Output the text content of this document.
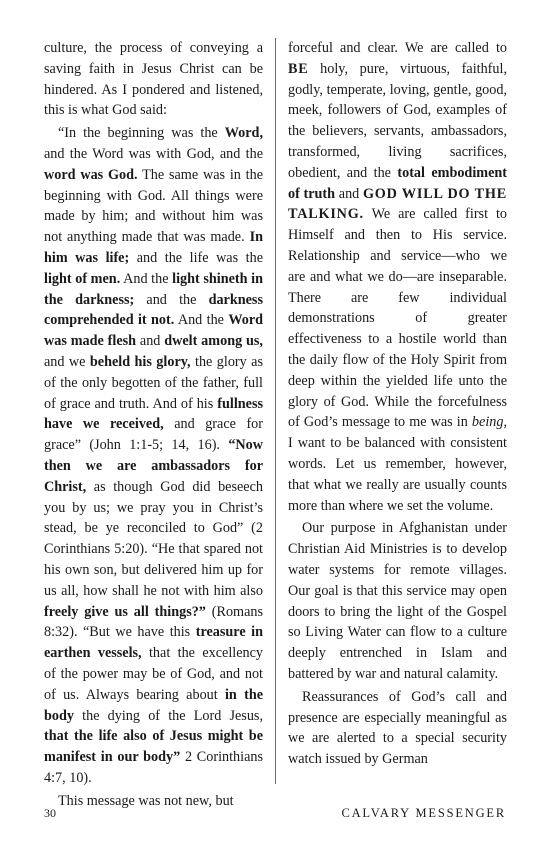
culture, the process of conveying a saving faith in Jesus Christ can be hindered. As I pondered and listened, this is what God said:

“In the beginning was the Word, and the Word was with God, and the word was God. The same was in the beginning with God. All things were made by him; and without him was not anything made that was made. In him was life; and the life was the light of men. And the light shineth in the darkness; and the darkness comprehended it not. And the Word was made flesh and dwelt among us, and we beheld his glory, the glory as of the only begotten of the father, full of grace and truth. And of his fullness have we received, and grace for grace” (John 1:1-5; 14, 16). “Now then we are ambassadors for Christ, as though God did beseech you by us; we pray you in Christ’s stead, be ye reconciled to God” (2 Corinthians 5:20). “He that spared not his own son, but delivered him up for us all, how shall he not with him also freely give us all things?” (Romans 8:32). “But we have this treasure in earthen vessels, that the excellency of the power may be of God, and not of us. Always bearing about in the body the dying of the Lord Jesus, that the life also of Jesus might be manifest in our body” 2 Corinthians 4:7, 10).

This message was not new, but

forceful and clear. We are called to BE holy, pure, virtuous, faithful, godly, temperate, loving, gentle, good, meek, followers of God, examples of the believers, servants, ambassadors, transformed, living sacrifices, obedient, and the total embodiment of truth and GOD WILL DO THE TALKING. We are called first to Himself and then to His service. Relationship and service—who we are and what we do—are inseparable. There are few individual demonstrations of greater effectiveness to a hostile world than the daily flow of the Holy Spirit from deep within the yielded life unto the glory of God. While the forcefulness of God’s message to me was in being, I want to be balanced with consistent words. Let us remember, however, that what we really are usually counts more than where we set the volume.

Our purpose in Afghanistan under Christian Aid Ministries is to develop water systems for remote villages. Our goal is that this service may open doors to bring the light of the Gospel so Living Water can flow to a culture deeply entrenched in Islam and battered by war and natural calamity.

Reassurances of God’s call and presence are especially meaningful as we are alerted to a special security watch issued by German

30	CALVARY MESSENGER
